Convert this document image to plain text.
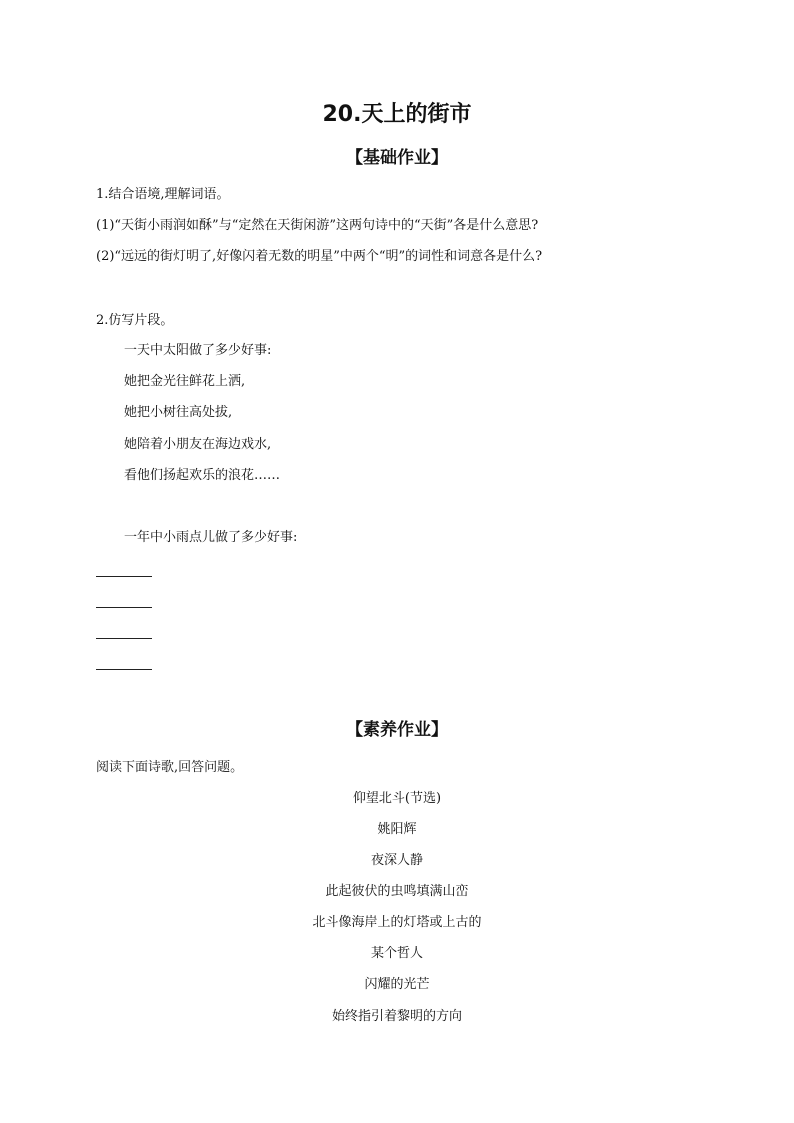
20.天上的街市
【基础作业】
1.结合语境,理解词语。
(1)“天街小雨润如酥”与“定然在天街闲游”这两句诗中的“天街”各是什么意思?
(2)“远远的街灯明了,好像闪着无数的明星”中两个“明”的词性和词意各是什么?
2.仿写片段。
一天中太阳做了多少好事:
她把金光往鲜花上洒,
她把小树往高处拔,
她陪着小朋友在海边戏水,
看他们扬起欢乐的浪花……
一年中小雨点儿做了多少好事:
【素养作业】
阅读下面诗歌,回答问题。
仰望北斗(节选)
姚阳辉
夜深人静
此起彼伏的虫鸣填满山峦
北斗像海岸上的灯塔或上古的
某个哲人
闪耀的光芒
始终指引着黎明的方向
